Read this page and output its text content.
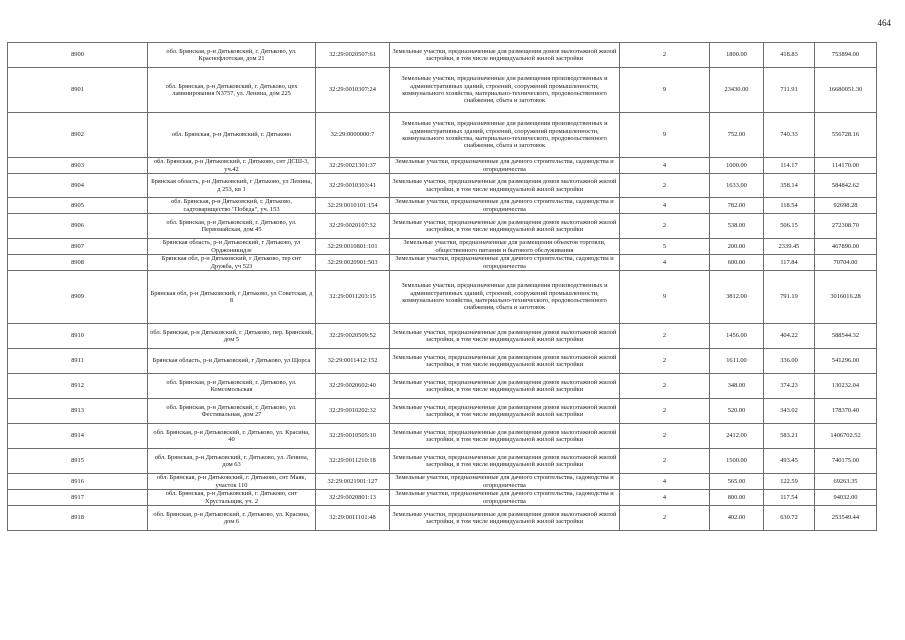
464
8900	обл. Брянская, р-н Дятьковский, г. Дятьково, ул. Краснофлотская, дом 21	32:29:0020507:61	Земельные участки, предназначенные для размещения домов малоэтажной жилой застройки, в том числе индивидуальной жилой застройки	2	1800.00	418.83	753894.00
8901	обл. Брянская, р-н Дятьковский, г. Дятьково, цех ламинирования N3757, ул. Ленина, дом 225	32:29:0010307:24	Земельные участки, предназначенные для размещения производственных и административных зданий, строений, сооружений промышленности, коммунального хозяйства, материально-технического, продовольственного снабжения, сбыта и заготовок	9	23430.00	711.91	16680051.30
8902	обл. Брянская, р-н Дятьковский, г. Дятьково	32:29:0000000:7	Земельные участки, предназначенные для размещения производственных и административных зданий, строений, сооружений промышленности, коммунального хозяйства, материально-технического, продовольственного снабжения, сбыта и заготовок	9	752.00	740.33	556728.16
8903	обл. Брянская, р-н Дятьковский, г. Дятьково, снт ДСШ-3, уч.42	32:29:0021301:37	Земельные участки, предназначенные для дачного строительства, садоводства и огородничества	4	1000.00	114.17	114170.00
8904	Брянская область, р-н Дятьковский, г Дятьково, ул Ленина, д 253, кв 1	32:29:0010303:41	Земельные участки, предназначенные для размещения домов малоэтажной жилой застройки, в том числе индивидуальной жилой застройки	2	1633.00	358.14	584842.62
8905	обл. Брянская, р-н Дятьковский, г. Дятьково, садтоварищество "Победа", уч. 153	32:29:0010101:154	Земельные участки, предназначенные для дачного строительства, садоводства и огородничества	4	782.00	118.54	92698.28
8906	обл. Брянская, р-н Дятьковский, г. Дятьково, ул. Первомайская, дом 45	32:29:0020107:32	Земельные участки, предназначенные для размещения домов малоэтажной жилой застройки, в том числе индивидуальной жилой застройки	2	538.00	506.15	272308.70
8907	Брянская область, р-н Дятьковский, г Дятьково, ул Орджоникидзе	32:29:0010801:101	Земельные участки, предназначенные для размещения объектов торговли, общественного питания и бытового обслуживания	5	200.00	2339.45	467890.00
8908	Брянская обл, р-н Дятьковский, г Дятьково, тер снт Дружба, уч 523	32:29:0020901:503	Земельные участки, предназначенные для дачного строительства, садоводства и огородничества	4	600.00	117.84	70704.00
8909	Брянская обл, р-н Дятьковский, г Дятьково, ул Советская, д 8	32:29:0011203:15	Земельные участки, предназначенные для размещения производственных и административных зданий, строений, сооружений промышленности, коммунального хозяйства, материально-технического, продовольственного снабжения, сбыта и заготовок	9	3812.00	791.19	3016016.28
8910	обл. Брянская, р-н Дятьковский, г. Дятьково, пер. Брянский, дом 5	32:29:0020509:52	Земельные участки, предназначенные для размещения домов малоэтажной жилой застройки, в том числе индивидуальной жилой застройки	2	1456.00	404.22	588544.32
8911	Брянская область, р-н Дятьковский, г Дятьково, ул Щорса	32:29:0011412:152	Земельные участки, предназначенные для размещения домов малоэтажной жилой застройки, в том числе индивидуальной жилой застройки	2	1611.00	336.00	541296.00
8912	обл. Брянская, р-н Дятьковский, г. Дятьково, ул. Комсомольская	32:29:0020602:40	Земельные участки, предназначенные для размещения домов малоэтажной жилой застройки, в том числе индивидуальной жилой застройки	2	348.00	374.23	130232.04
8913	обл. Брянская, р-н Дятьковский, г. Дятьково, ул. Фестивальная, дом 27	32:29:0010202:32	Земельные участки, предназначенные для размещения домов малоэтажной жилой застройки, в том числе индивидуальной жилой застройки	2	520.00	343.02	178370.40
8914	обл. Брянская, р-н Дятьковский, г. Дятьково, ул. Красина, 40	32:29:0010505:10	Земельные участки, предназначенные для размещения домов малоэтажной жилой застройки, в том числе индивидуальной жилой застройки	2	2412.00	583.21	1406702.52
8915	обл. Брянская, р-н Дятьковский, г. Дятьково, ул. Ленина, дом 63	32:29:0011210:18	Земельные участки, предназначенные для размещения домов малоэтажной жилой застройки, в том числе индивидуальной жилой застройки	2	1500.00	493.45	740175.00
8916	обл. Брянская, р-н Дятьковский, г. Дятьково, снт Маяк, участок 110	32:29:0021901:127	Земельные участки, предназначенные для дачного строительства, садоводства и огородничества	4	565.00	122.59	69263.35
8917	обл. Брянская, р-н Дятьковский, г. Дятьково, снт Хрустальщик, уч. 2	32:29:0020801:13	Земельные участки, предназначенные для дачного строительства, садоводства и огородничества	4	800.00	117.54	94032.00
8918	обл. Брянская, р-н Дятьковский, г. Дятьково, ул. Красина, дом 6	32:29:0011101:48	Земельные участки, предназначенные для размещения домов малоэтажной жилой застройки, в том числе индивидуальной жилой застройки	2	402.00	630.72	253549.44
